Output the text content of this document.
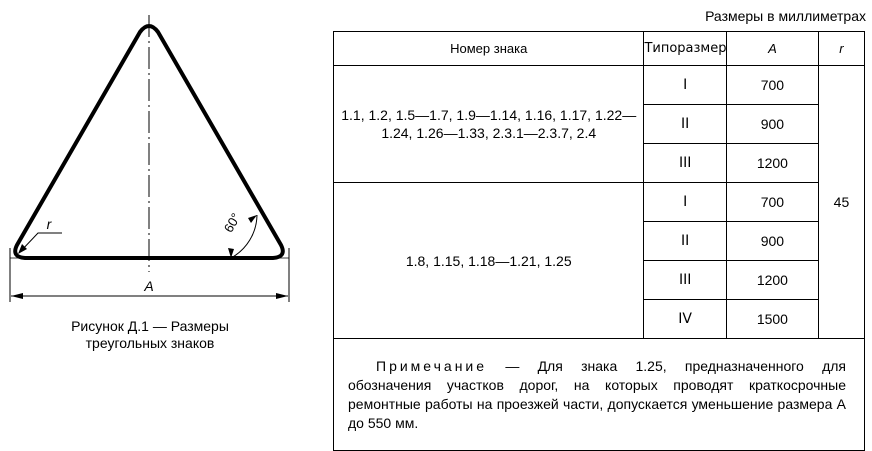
Размеры в миллиметрах
A
r	60°
Рисунок Д.1 — Размеры треугольных знаков
Номер знака	Типоразмер	A	r
1.1, 1.2, 1.5—1.7, 1.9—1.14, 1.16, 1.17, 1.22—1.24, 1.26—1.33, 2.3.1—2.3.7, 2.4	I	700	45
	II	900	
	III	1200	
1.8, 1.15, 1.18—1.21, 1.25	I	700	
	II	900	
	III	1200	
	IV	1500	
Примечание — Для знака 1.25, предназначенного для обозначения участков дорог, на которых проводят краткосрочные ремонтные работы на проезжей части, допускается уменьшение размера A до 550 мм.			
